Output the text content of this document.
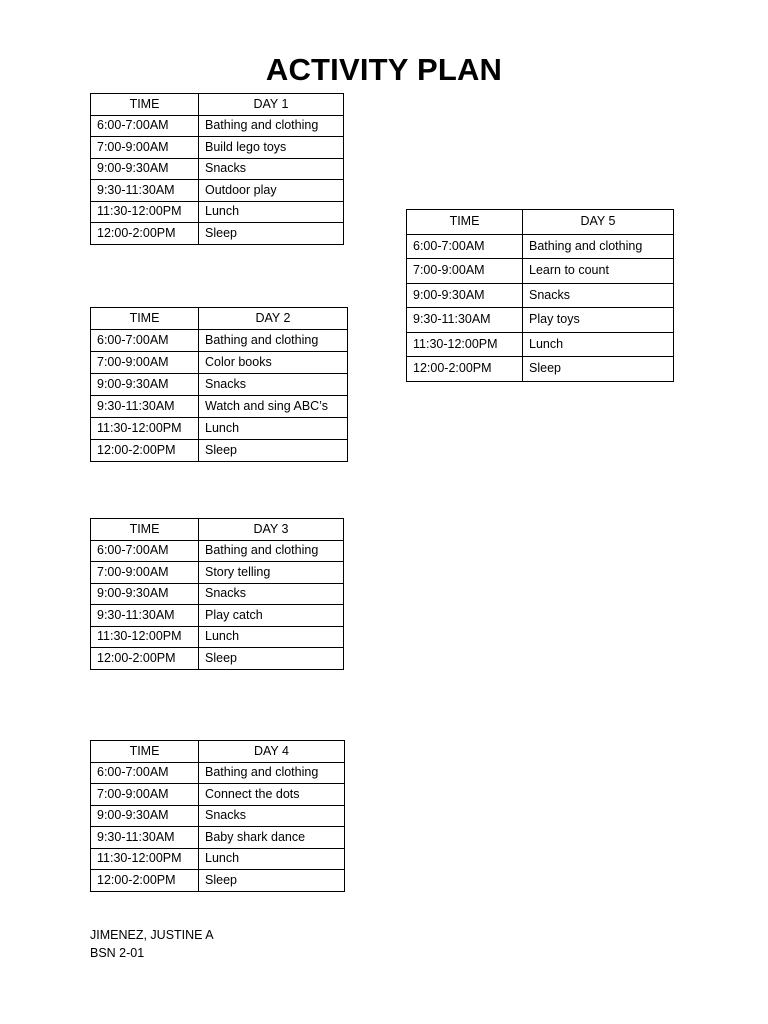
ACTIVITY PLAN
TIME	DAY 1
6:00-7:00AM	Bathing and clothing
7:00-9:00AM	Build lego toys
9:00-9:30AM	Snacks
9:30-11:30AM	Outdoor play
11:30-12:00PM	Lunch
12:00-2:00PM	Sleep
TIME	DAY 2
6:00-7:00AM	Bathing and clothing
7:00-9:00AM	Color books
9:00-9:30AM	Snacks
9:30-11:30AM	Watch and sing ABC’s
11:30-12:00PM	Lunch
12:00-2:00PM	Sleep
TIME	DAY 3
6:00-7:00AM	Bathing and clothing
7:00-9:00AM	Story telling
9:00-9:30AM	Snacks
9:30-11:30AM	Play catch
11:30-12:00PM	Lunch
12:00-2:00PM	Sleep
TIME	DAY 4
6:00-7:00AM	Bathing and clothing
7:00-9:00AM	Connect the dots
9:00-9:30AM	Snacks
9:30-11:30AM	Baby shark dance
11:30-12:00PM	Lunch
12:00-2:00PM	Sleep
TIME	DAY 5
6:00-7:00AM	Bathing and clothing
7:00-9:00AM	Learn to count
9:00-9:30AM	Snacks
9:30-11:30AM	Play toys
11:30-12:00PM	Lunch
12:00-2:00PM	Sleep
JIMENEZ, JUSTINE A
BSN 2-01
